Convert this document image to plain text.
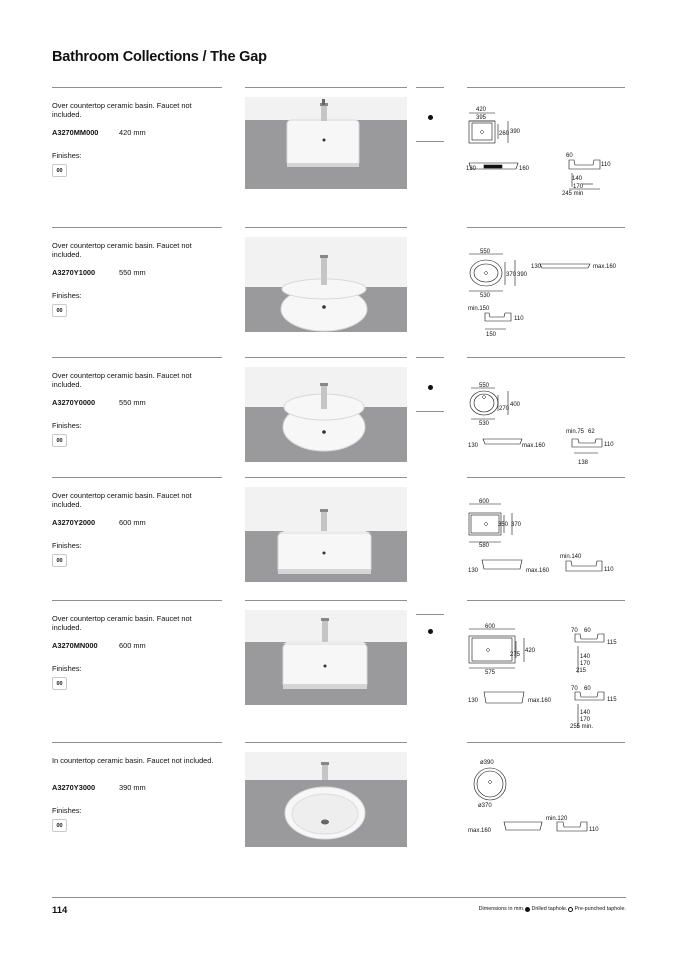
Bathroom Collections / The Gap
Over countertop ceramic basin. Faucet not included.
A3270MM000	420 mm
Finishes:
00
420
395
260 390
130	160
60
110
140
170
245 min
Over countertop ceramic basin. Faucet not included.
A3270Y1000	550 mm
Finishes:
00
550
530
370 390
130	max.160
min.150
110
150
Over countertop ceramic basin. Faucet not included.
A3270Y0000	550 mm
Finishes:
00
550
530
270
400
130	max.160
min.75 62
110
138
Over countertop ceramic basin. Faucet not included.
A3270Y2000	600 mm
Finishes:
00
600
580
350 370
130	max.160
min.140
110
Over countertop ceramic basin. Faucet not included.
A3270MN000	600 mm
Finishes:
00
600
575
275
420
70 60
115
140
170
215
130	max.160
70 60
115
140
170
255 min.
In countertop ceramic basin. Faucet not included.
A3270Y3000	390 mm
Finishes:
00
ø390
ø370
max.160
min.120
110
114	Dimensions in mm. Drilled taphole. Pre-punched taphole.
